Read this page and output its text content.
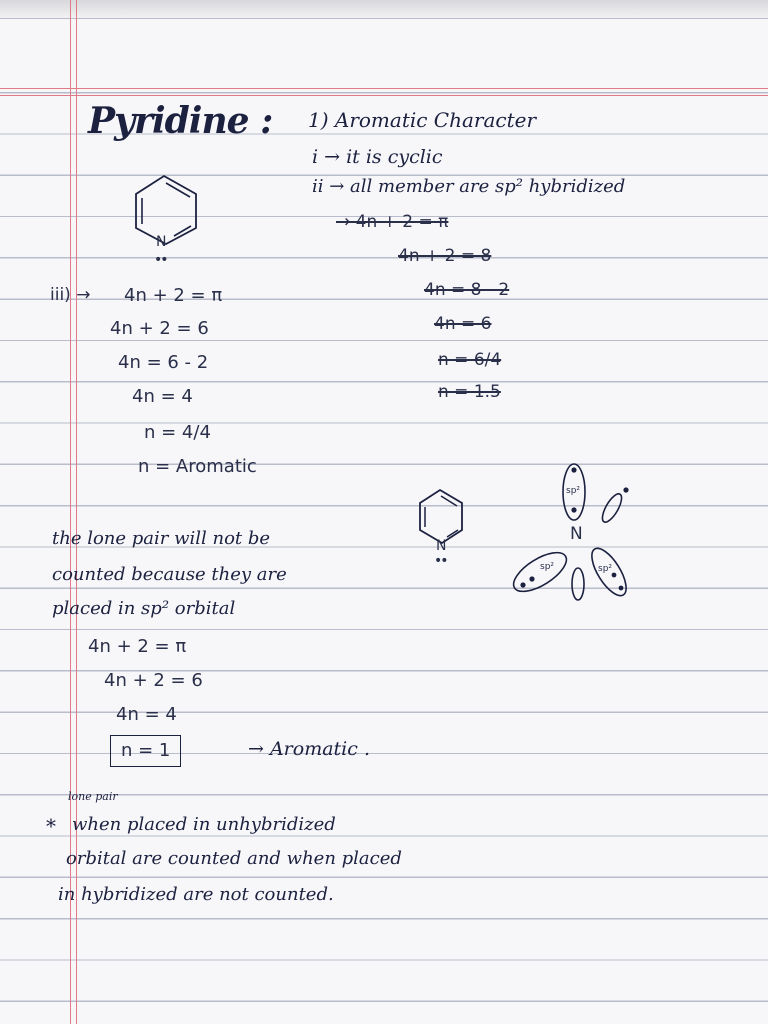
Pyridine :
N
••
1) Aromatic Character
i → it is cyclic
ii → all member are sp² hybridized
→ 4n + 2 = π
4n + 2 = 8
4n = 8 - 2
4n = 6
n = 6/4
n = 1.5
iii) → 4n + 2 = π
4n + 2 = 6
4n = 6 - 2
4n = 4
n = 4/4
n = Aromatic
N
••
N
sp²
sp²	sp²
the lone pair will not be
counted because they are
placed in sp² orbital
4n + 2 = π
4n + 2 = 6
4n = 4
n = 1	→ Aromatic .
*
lone pair
when placed in unhybridized
orbital are counted and when placed
in hybridized are not counted.
